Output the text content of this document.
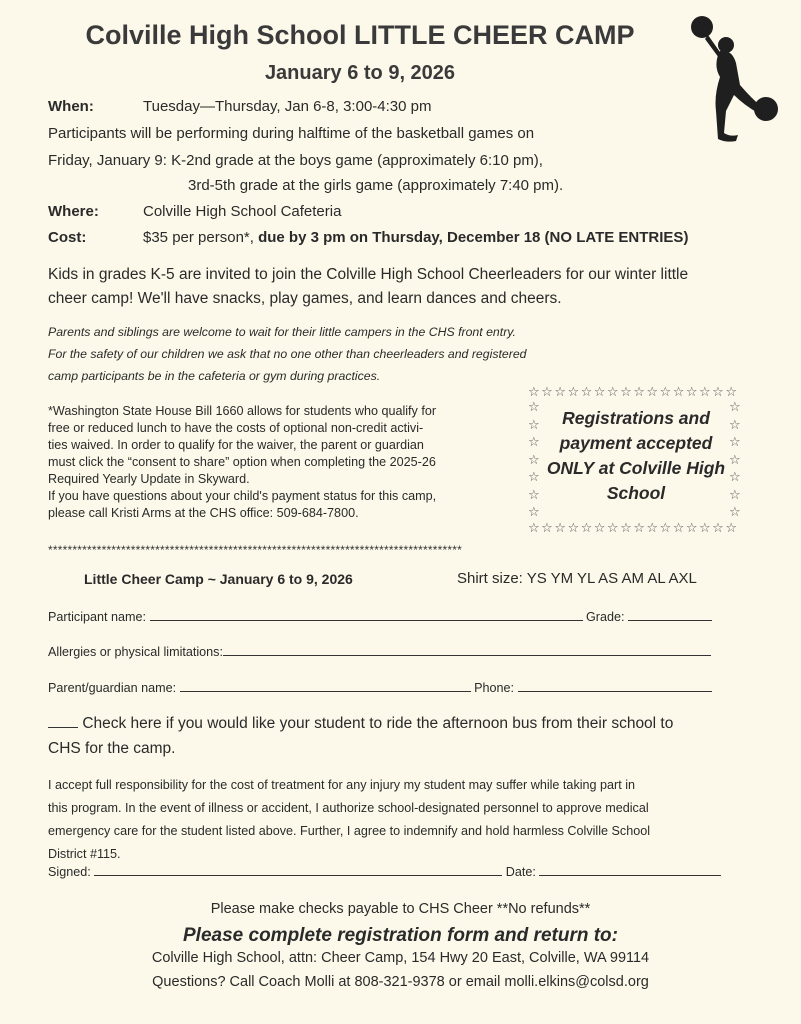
Colville High School LITTLE CHEER CAMP
January 6 to 9, 2026
When:	Tuesday—Thursday, Jan 6-8, 3:00-4:30 pm
Participants will be performing during halftime of the basketball games on
Friday, January 9: K-2nd grade at the boys game (approximately 6:10 pm),
3rd-5th grade at the girls game (approximately 7:40 pm).
Where:	Colville High School Cafeteria
Cost:	$35 per person*, due by 3 pm on Thursday, December 18 (NO LATE ENTRIES)
Kids in grades K-5 are invited to join the Colville High School Cheerleaders for our winter little
cheer camp! We'll have snacks, play games, and learn dances and cheers.
Parents and siblings are welcome to wait for their little campers in the CHS front entry.
For the safety of our children we ask that no one other than cheerleaders and registered
camp participants be in the cafeteria or gym during practices.
*Washington State House Bill 1660 allows for students who qualify for
free or reduced lunch to have the costs of optional non-credit activi-
ties waived. In order to qualify for the waiver, the parent or guardian
must click the “consent to share” option when completing the 2025-26
Required Yearly Update in Skyward.
If you have questions about your child's payment status for this camp,
please call Kristi Arms at the CHS office: 509-684-7800.
☆☆☆☆☆☆☆☆☆☆☆☆☆☆☆☆
☆ ☆ ☆ ☆ ☆ ☆ ☆
☆ ☆ ☆ ☆ ☆ ☆ ☆
Registrations and payment accepted ONLY at Colville High School
☆☆☆☆☆☆☆☆☆☆☆☆☆☆☆☆
*************************************************************************************
Little Cheer Camp ~ January 6 to 9, 2026	Shirt size: YS YM YL AS AM AL AXL
Participant name:	Grade:
Allergies or physical limitations:
Parent/guardian name:	Phone:
Check here if you would like your student to ride the afternoon bus from their school to
CHS for the camp.
I accept full responsibility for the cost of treatment for any injury my student may suffer while taking part in
this program. In the event of illness or accident, I authorize school-designated personnel to approve medical
emergency care for the student listed above. Further, I agree to indemnify and hold harmless Colville School
District #115.
Signed:	Date:
Please make checks payable to CHS Cheer **No refunds**
Please complete registration form and return to:
Colville High School, attn: Cheer Camp, 154 Hwy 20 East, Colville, WA 99114
Questions? Call Coach Molli at 808-321-9378 or email molli.elkins@colsd.org
